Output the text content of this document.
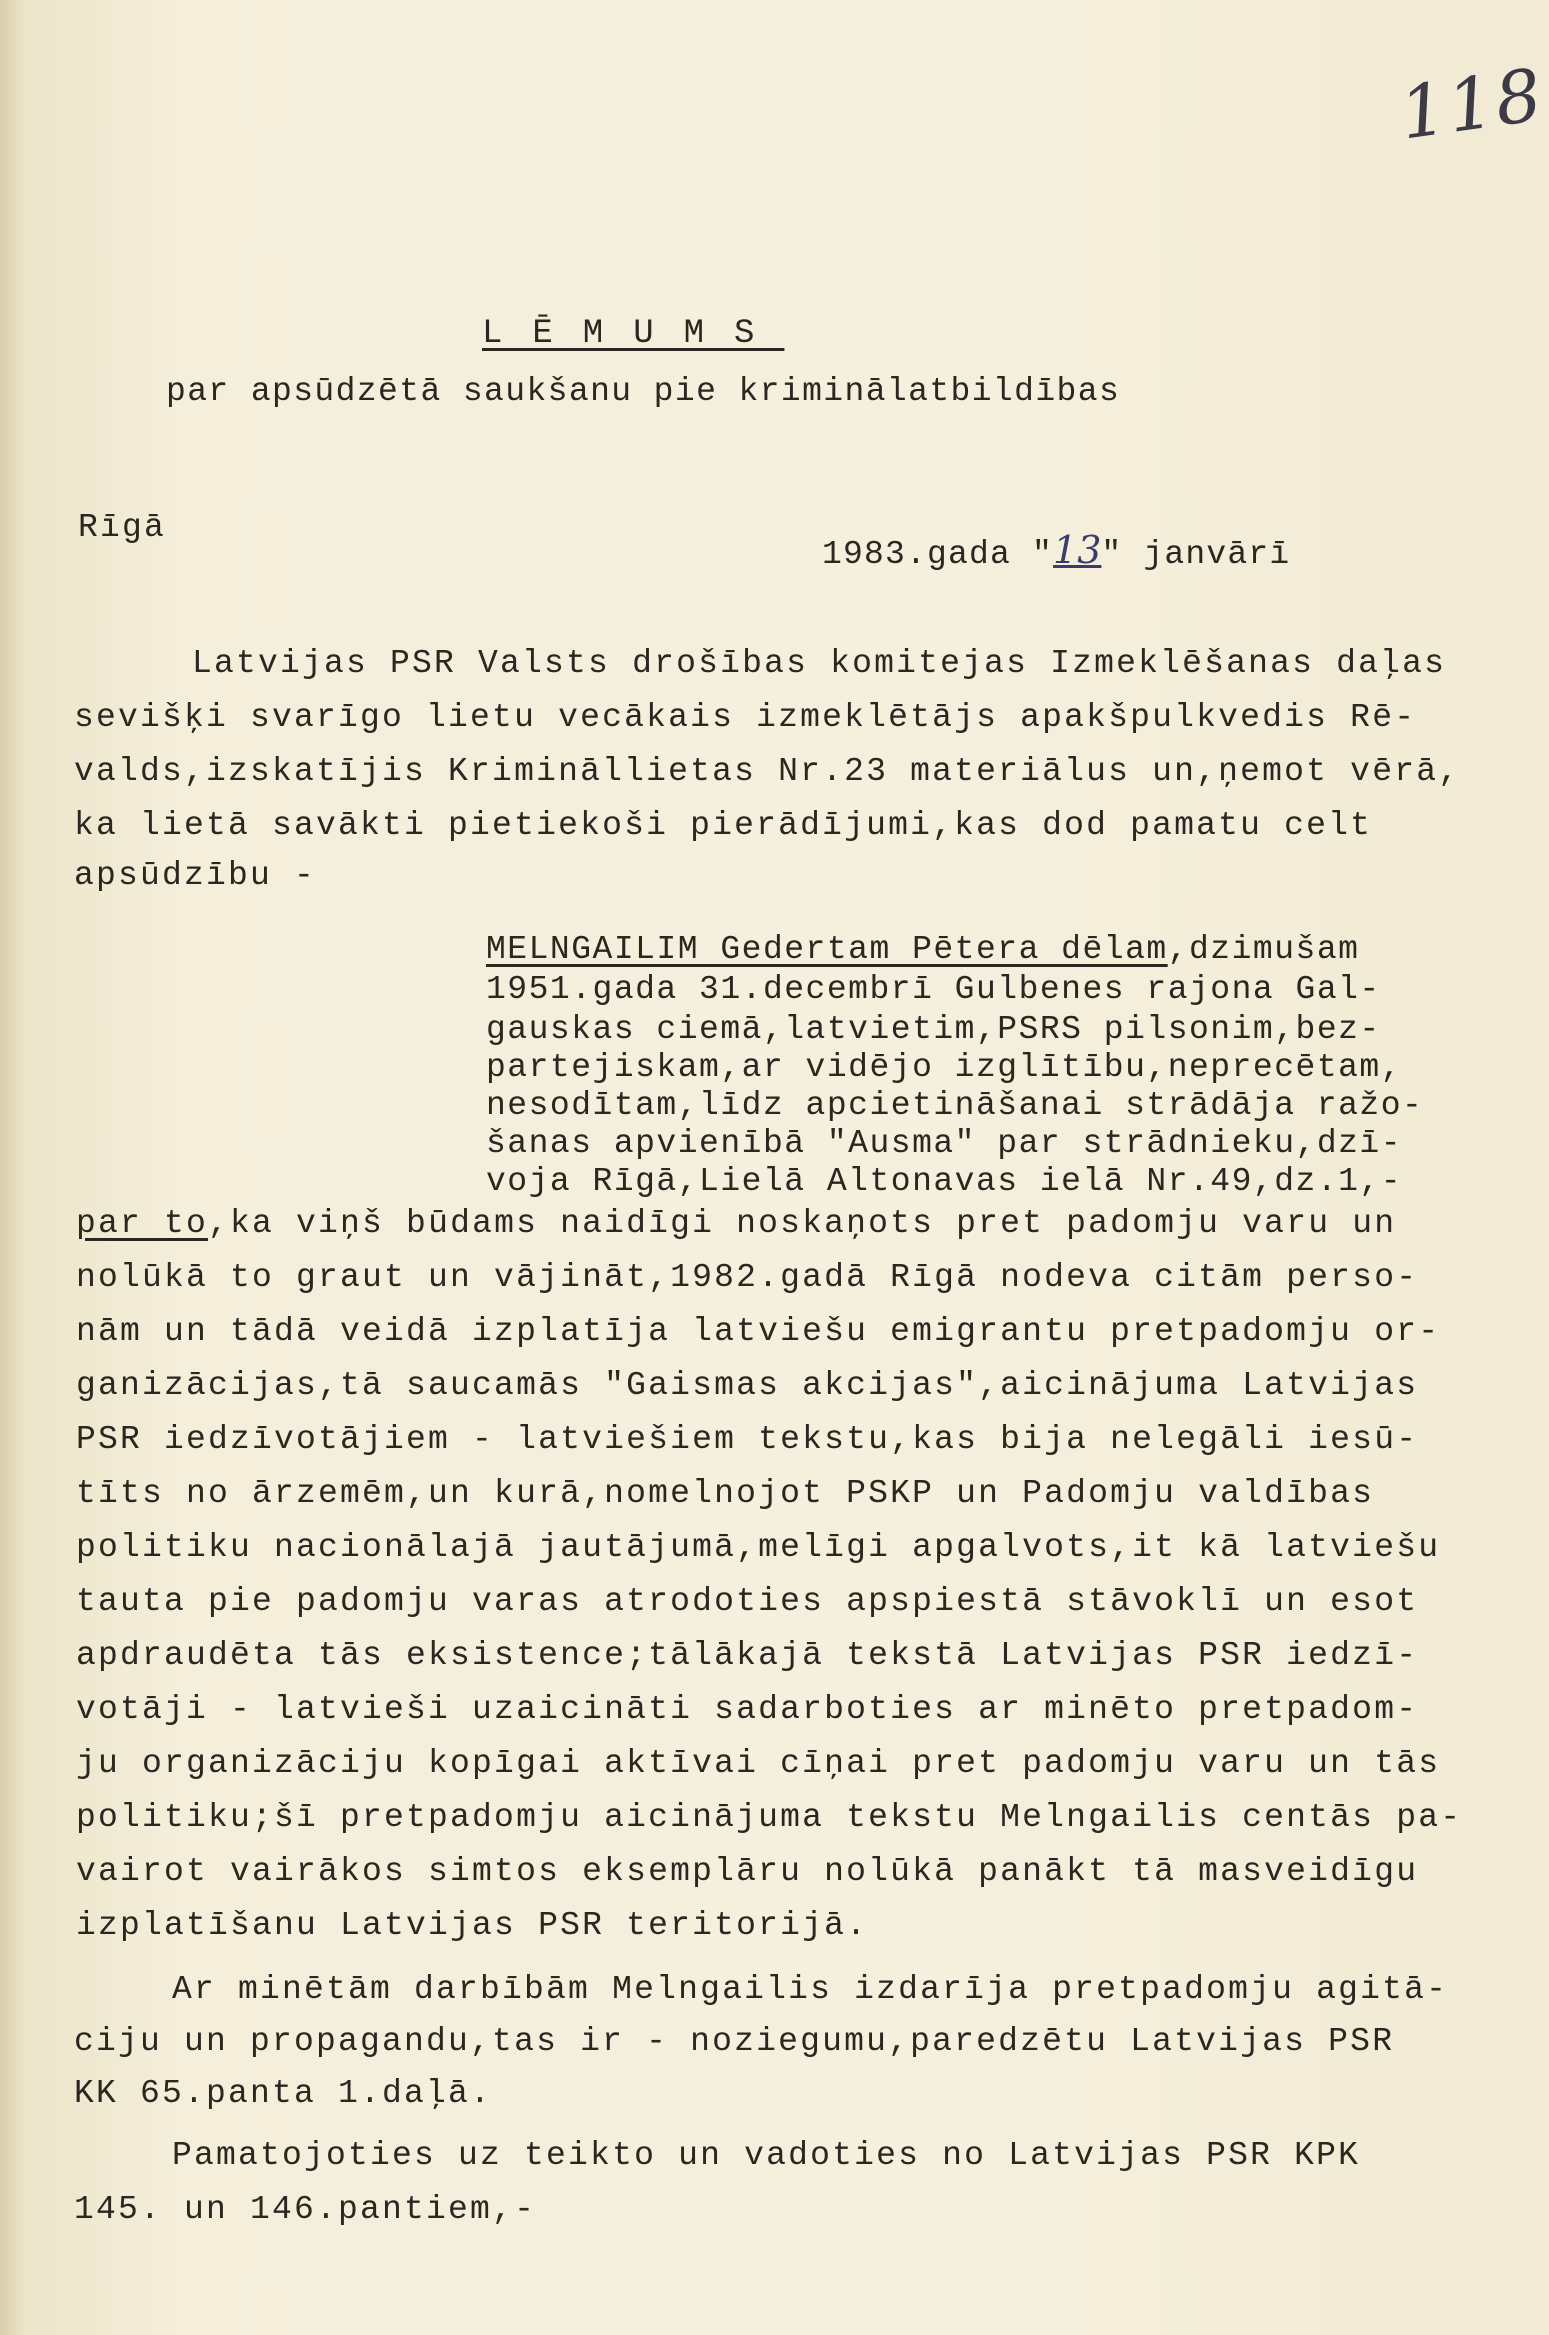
118
LĒMUMS
par apsūdzētā saukšanu pie kriminālatbildības
Rīgā
1983.gada "13" janvārī
Latvijas PSR Valsts drošības komitejas Izmeklēšanas daļas
sevišķi svarīgo lietu vecākais izmeklētājs apakšpulkvedis Rē-
valds,izskatījis Krimināllietas Nr.23 materiālus un,ņemot vērā,
ka lietā savākti pietiekoši pierādījumi,kas dod pamatu celt
apsūdzību -
MELNGAILIM Gedertam Pētera dēlam,dzimušam
1951.gada 31.decembrī Gulbenes rajona Gal-
gauskas ciemā,latvietim,PSRS pilsonim,bez-
partejiskam,ar vidējo izglītību,neprecētam,
nesodītam,līdz apcietināšanai strādāja ražo-
šanas apvienībā "Ausma" par strādnieku,dzī-
voja Rīgā,Lielā Altonavas ielā Nr.49,dz.1,-
par to,ka viņš būdams naidīgi noskaņots pret padomju varu un
nolūkā to graut un vājināt,1982.gadā Rīgā nodeva citām perso-
nām un tādā veidā izplatīja latviešu emigrantu pretpadomju or-
ganizācijas,tā saucamās "Gaismas akcijas",aicinājuma Latvijas
PSR iedzīvotājiem - latviešiem tekstu,kas bija nelegāli iesū-
tīts no ārzemēm,un kurā,nomelnojot PSKP un Padomju valdības
politiku nacionālajā jautājumā,melīgi apgalvots,it kā latviešu
tauta pie padomju varas atrodoties apspiestā stāvoklī un esot
apdraudēta tās eksistence;tālākajā tekstā Latvijas PSR iedzī-
votāji - latvieši uzaicināti sadarboties ar minēto pretpadom-
ju organizāciju kopīgai aktīvai cīņai pret padomju varu un tās
politiku;šī pretpadomju aicinājuma tekstu Melngailis centās pa-
vairot vairākos simtos eksemplāru nolūkā panākt tā masveidīgu
izplatīšanu Latvijas PSR teritorijā.
Ar minētām darbībām Melngailis izdarīja pretpadomju agitā-
ciju un propagandu,tas ir - noziegumu,paredzētu Latvijas PSR
KK 65.panta 1.daļā.
Pamatojoties uz teikto un vadoties no Latvijas PSR KPK
145. un 146.pantiem,-
